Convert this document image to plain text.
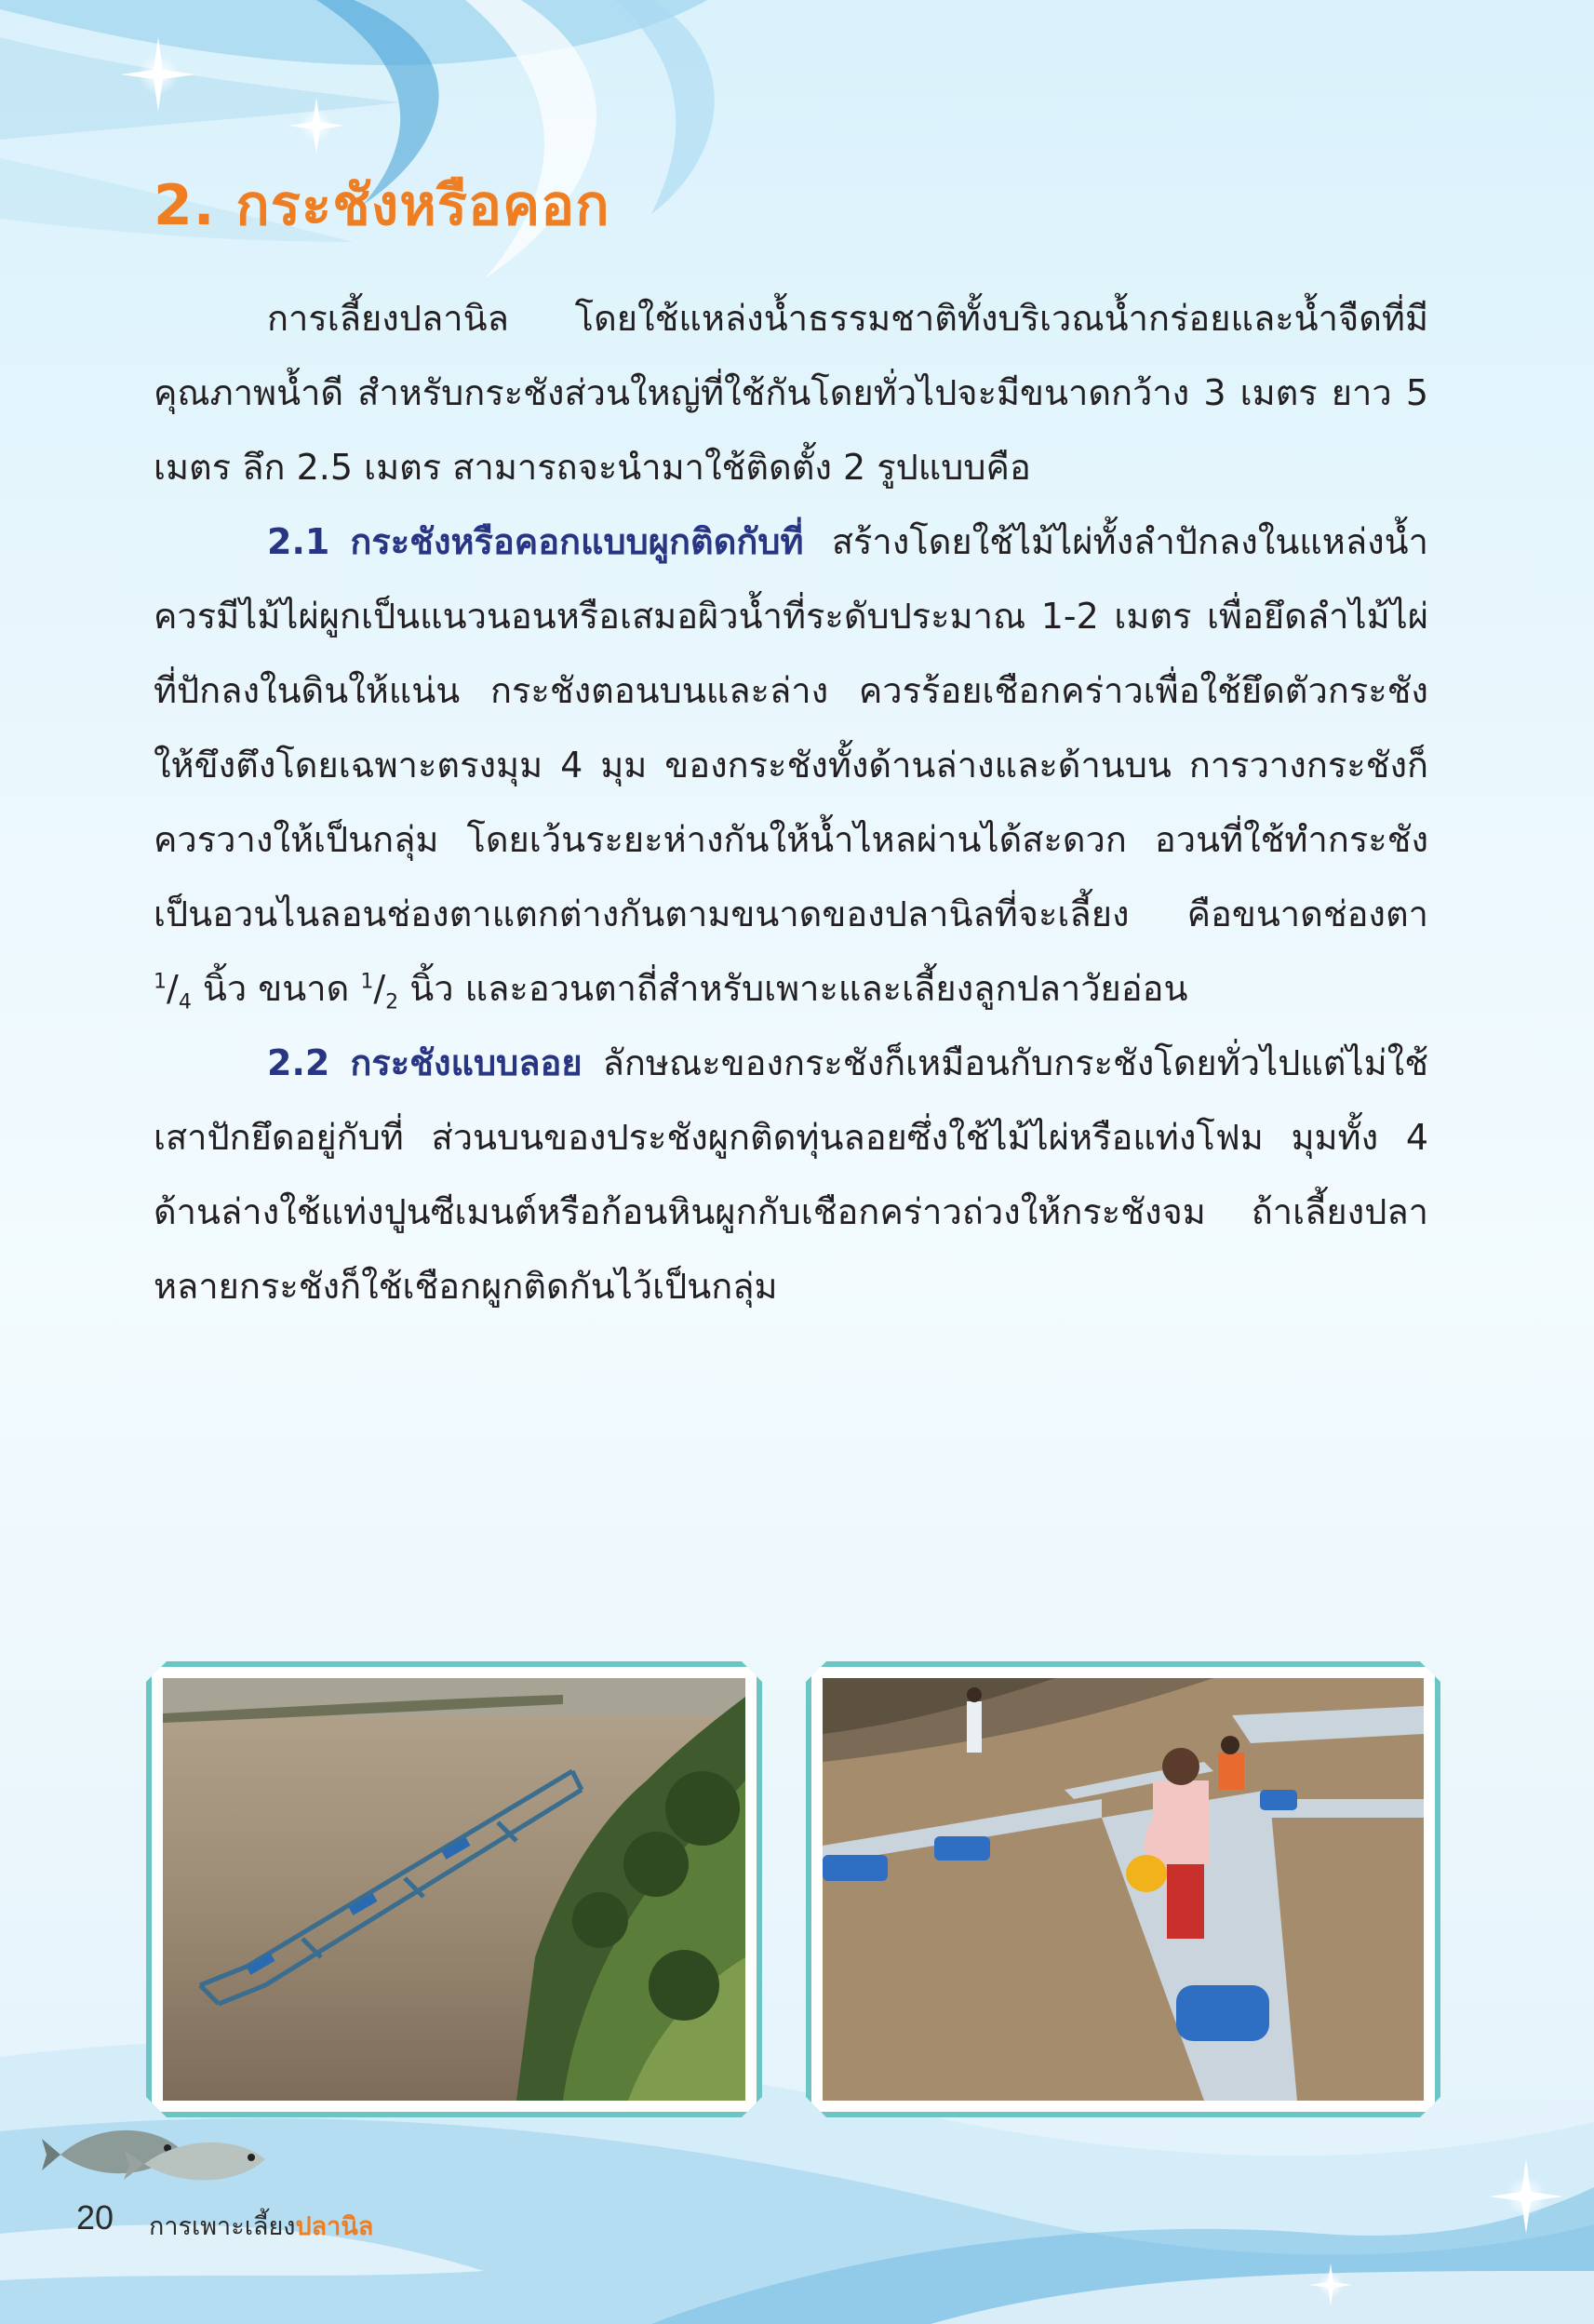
2. กระชังหรือคอก

การเลี้ยงปลานิล โดยใช้แหล่งน้ำธรรมชาติทั้งบริเวณน้ำกร่อยและน้ำจืดที่มีคุณภาพน้ำดี สำหรับกระชังส่วนใหญ่ที่ใช้กันโดยทั่วไปจะมีขนาดกว้าง 3 เมตร ยาว 5 เมตร ลึก 2.5 เมตร สามารถจะนำมาใช้ติดตั้ง 2 รูปแบบคือ

2.1 กระชังหรือคอกแบบผูกติดกับที่ สร้างโดยใช้ไม้ไผ่ทั้งลำปักลงในแหล่งน้ำ ควรมีไม้ไผ่ผูกเป็นแนวนอนหรือเสมอผิวน้ำที่ระดับประมาณ 1-2 เมตร เพื่อยึดลำไม้ไผ่ที่ปักลงในดินให้แน่น กระชังตอนบนและล่าง ควรร้อยเชือกคร่าวเพื่อใช้ยึดตัวกระชังให้ขึงตึงโดยเฉพาะตรงมุม 4 มุม ของกระชังทั้งด้านล่างและด้านบน การวางกระชังก็ควรวางให้เป็นกลุ่ม โดยเว้นระยะห่างกันให้น้ำไหลผ่านได้สะดวก อวนที่ใช้ทำกระชังเป็นอวนไนลอนช่องตาแตกต่างกันตามขนาดของปลานิลที่จะเลี้ยง คือขนาดช่องตา $^1/_4$ นิ้ว ขนาด $^1/_2$ นิ้ว และอวนตาถี่สำหรับเพาะและเลี้ยงลูกปลาวัยอ่อน

2.2 กระชังแบบลอย ลักษณะของกระชังก็เหมือนกับกระชังโดยทั่วไปแต่ไม่ใช้เสาปักยึดอยู่กับที่ ส่วนบนของประชังผูกติดทุ่นลอยซึ่งใช้ไม้ไผ่หรือแท่งโฟม มุมทั้ง 4 ด้านล่างใช้แท่งปูนซีเมนต์หรือก้อนหินผูกกับเชือกคร่าวถ่วงให้กระชังจม ถ้าเลี้ยงปลาหลายกระชังก็ใช้เชือกผูกติดกันไว้เป็นกลุ่ม

20 การเพาะเลี้ยงปลานิล
